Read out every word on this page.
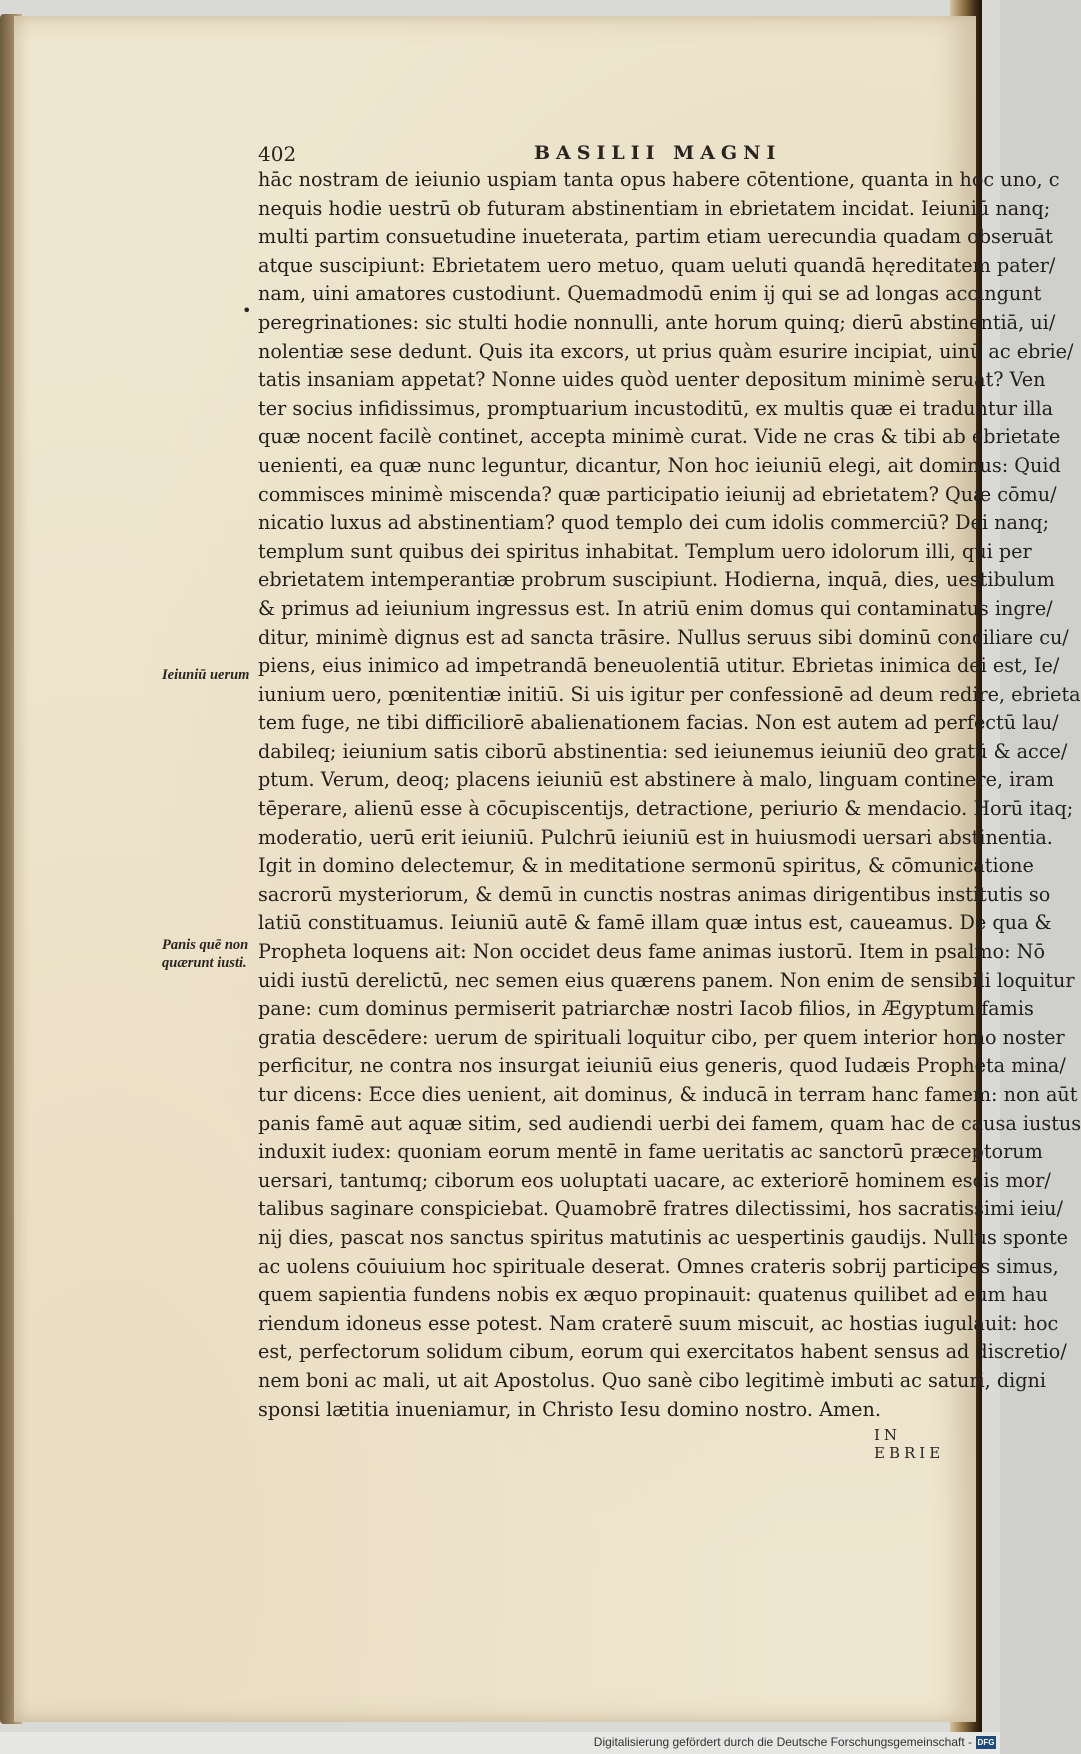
402	BASILII MAGNI
•
Ieiuniū uerum
Panis quē non quærunt iusti.
hāc nostram de ieiunio uspiam tanta opus habere cōtentione, quanta in hoc uno, c
nequis hodie uestrū ob futuram abstinentiam in ebrietatem incidat. Ieiuniū nanq;
multi partim consuetudine inueterata, partim etiam uerecundia quadam obseruāt
atque suscipiunt: Ebrietatem uero metuo, quam ueluti quandā hęreditatem pater/
nam, uini amatores custodiunt. Quemadmodū enim ij qui se ad longas accingunt
peregrinationes: sic stulti hodie nonnulli, ante horum quinq; dierū abstinentiā, ui/
nolentiæ sese dedunt. Quis ita excors, ut prius quàm esurire incipiat, uinū ac ebrie/
tatis insaniam appetat? Nonne uides quòd uenter depositum minimè seruat? Ven
ter socius infidissimus, promptuarium incustoditū, ex multis quæ ei traduntur illa
quæ nocent facilè continet, accepta minimè curat. Vide ne cras & tibi ab ebrietate
uenienti, ea quæ nunc leguntur, dicantur, Non hoc ieiuniū elegi, ait dominus: Quid
commisces minimè miscenda? quæ participatio ieiunij ad ebrietatem? Quæ cōmu/
nicatio luxus ad abstinentiam? quod templo dei cum idolis commerciū? Dei nanq;
templum sunt quibus dei spiritus inhabitat. Templum uero idolorum illi, qui per
ebrietatem intemperantiæ probrum suscipiunt. Hodierna, inquā, dies, uestibulum
& primus ad ieiunium ingressus est. In atriū enim domus qui contaminatus ingre/
ditur, minimè dignus est ad sancta trāsire. Nullus seruus sibi dominū conciliare cu/
piens, eius inimico ad impetrandā beneuolentiā utitur. Ebrietas inimica dei est, Ie/
iunium uero, pœnitentiæ initiū. Si uis igitur per confessionē ad deum redire, ebrieta
tem fuge, ne tibi difficiliorē abalienationem facias. Non est autem ad perfectū lau/
dabileq; ieiunium satis ciborū abstinentia: sed ieiunemus ieiuniū deo gratū & acce/
ptum. Verum, deoq; placens ieiuniū est abstinere à malo, linguam continere, iram
tēperare, alienū esse à cōcupiscentijs, detractione, periurio & mendacio. Horū itaq;
moderatio, uerū erit ieiuniū. Pulchrū ieiuniū est in huiusmodi uersari abstinentia.
Igit in domino delectemur, & in meditatione sermonū spiritus, & cōmunicatione
sacrorū mysteriorum, & demū in cunctis nostras animas dirigentibus institutis so
latiū constituamus. Ieiuniū autē & famē illam quæ intus est, caueamus. De qua &
Propheta loquens ait: Non occidet deus fame animas iustorū. Item in psalmo: Nō
uidi iustū derelictū, nec semen eius quærens panem. Non enim de sensibili loquitur
pane: cum dominus permiserit patriarchæ nostri Iacob filios, in Ægyptum famis
gratia descēdere: uerum de spirituali loquitur cibo, per quem interior homo noster
perficitur, ne contra nos insurgat ieiuniū eius generis, quod Iudæis Propheta mina/
tur dicens: Ecce dies uenient, ait dominus, & inducā in terram hanc famem: non aūt
panis famē aut aquæ sitim, sed audiendi uerbi dei famem, quam hac de causa iustus
induxit iudex: quoniam eorum mentē in fame ueritatis ac sanctorū præceptorum
uersari, tantumq; ciborum eos uoluptati uacare, ac exteriorē hominem escis mor/
talibus saginare conspiciebat. Quamobrē fratres dilectissimi, hos sacratissimi ieiu/
nij dies, pascat nos sanctus spiritus matutinis ac uespertinis gaudijs. Nullus sponte
ac uolens cōuiuium hoc spirituale deserat. Omnes crateris sobrij participes simus,
quem sapientia fundens nobis ex æquo propinauit: quatenus quilibet ad eum hau
riendum idoneus esse potest. Nam craterē suum miscuit, ac hostias iugulauit: hoc
est, perfectorum solidum cibum, eorum qui exercitatos habent sensus ad discretio/
nem boni ac mali, ut ait Apostolus. Quo sanè cibo legitimè imbuti ac saturi, digni
sponsi lætitia inueniamur, in Christo Iesu domino nostro. Amen.
IN EBRIE
Digitalisierung gefördert durch die Deutsche Forschungsgemeinschaft - DFG
